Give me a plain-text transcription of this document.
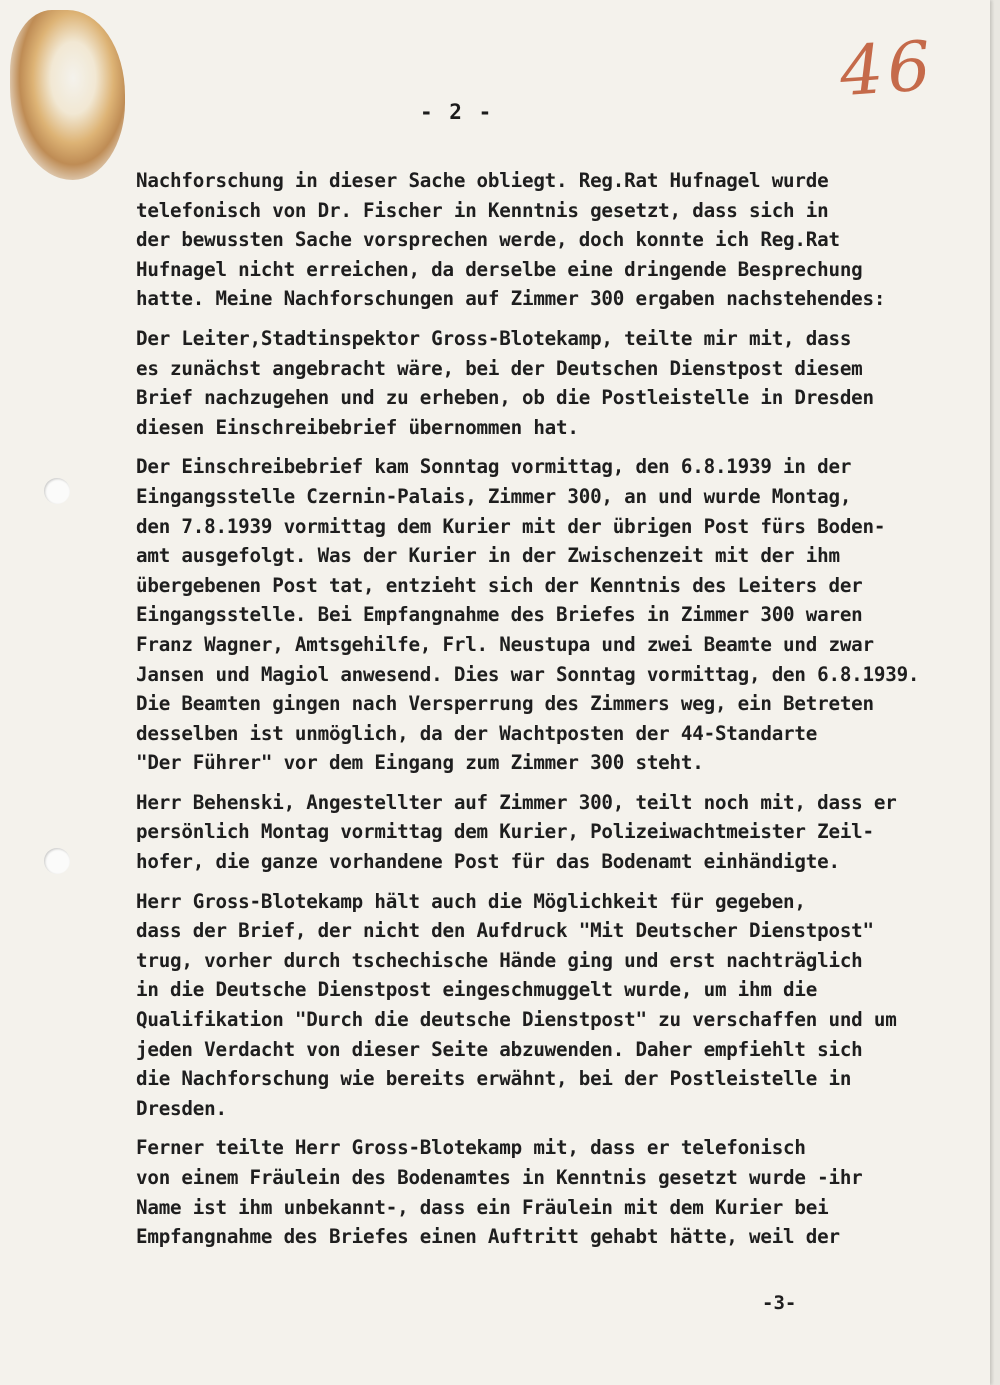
46
- 2 -
Nachforschung in dieser Sache obliegt. Reg.Rat Hufnagel wurde
telefonisch von Dr. Fischer in Kenntnis gesetzt, dass sich in
der bewussten Sache vorsprechen werde, doch konnte ich Reg.Rat
Hufnagel nicht erreichen, da derselbe eine dringende Besprechung
hatte. Meine Nachforschungen auf Zimmer 300 ergaben nachstehendes:
Der Leiter,Stadtinspektor Gross-Blotekamp, teilte mir mit, dass
es zunächst angebracht wäre, bei der Deutschen Dienstpost diesem
Brief nachzugehen und zu erheben, ob die Postleistelle in Dresden
diesen Einschreibebrief übernommen hat.
Der Einschreibebrief kam Sonntag vormittag, den 6.8.1939 in der
Eingangsstelle Czernin-Palais, Zimmer 300, an und wurde Montag,
den 7.8.1939 vormittag dem Kurier mit der übrigen Post fürs Boden-
amt ausgefolgt. Was der Kurier in der Zwischenzeit mit der ihm
übergebenen Post tat, entzieht sich der Kenntnis des Leiters der
Eingangsstelle. Bei Empfangnahme des Briefes in Zimmer 300 waren
Franz Wagner, Amtsgehilfe, Frl. Neustupa und zwei Beamte und zwar
Jansen und Magiol anwesend. Dies war Sonntag vormittag, den 6.8.1939.
Die Beamten gingen nach Versperrung des Zimmers weg, ein Betreten
desselben ist unmöglich, da der Wachtposten der 44-Standarte
"Der Führer" vor dem Eingang zum Zimmer 300 steht.
Herr Behenski, Angestellter auf Zimmer 300, teilt noch mit, dass er
persönlich Montag vormittag dem Kurier, Polizeiwachtmeister Zeil-
hofer, die ganze vorhandene Post für das Bodenamt einhändigte.
Herr Gross-Blotekamp hält auch die Möglichkeit für gegeben,
dass der Brief, der nicht den Aufdruck "Mit Deutscher Dienstpost"
trug, vorher durch tschechische Hände ging und erst nachträglich
in die Deutsche Dienstpost eingeschmuggelt wurde, um ihm die
Qualifikation "Durch die deutsche Dienstpost" zu verschaffen und um
jeden Verdacht von dieser Seite abzuwenden. Daher empfiehlt sich
die Nachforschung wie bereits erwähnt, bei der Postleistelle in
Dresden.
Ferner teilte Herr Gross-Blotekamp mit, dass er telefonisch
von einem Fräulein des Bodenamtes in Kenntnis gesetzt wurde -ihr
Name ist ihm unbekannt-, dass ein Fräulein mit dem Kurier bei
Empfangnahme des Briefes einen Auftritt gehabt hätte, weil der
-3-
